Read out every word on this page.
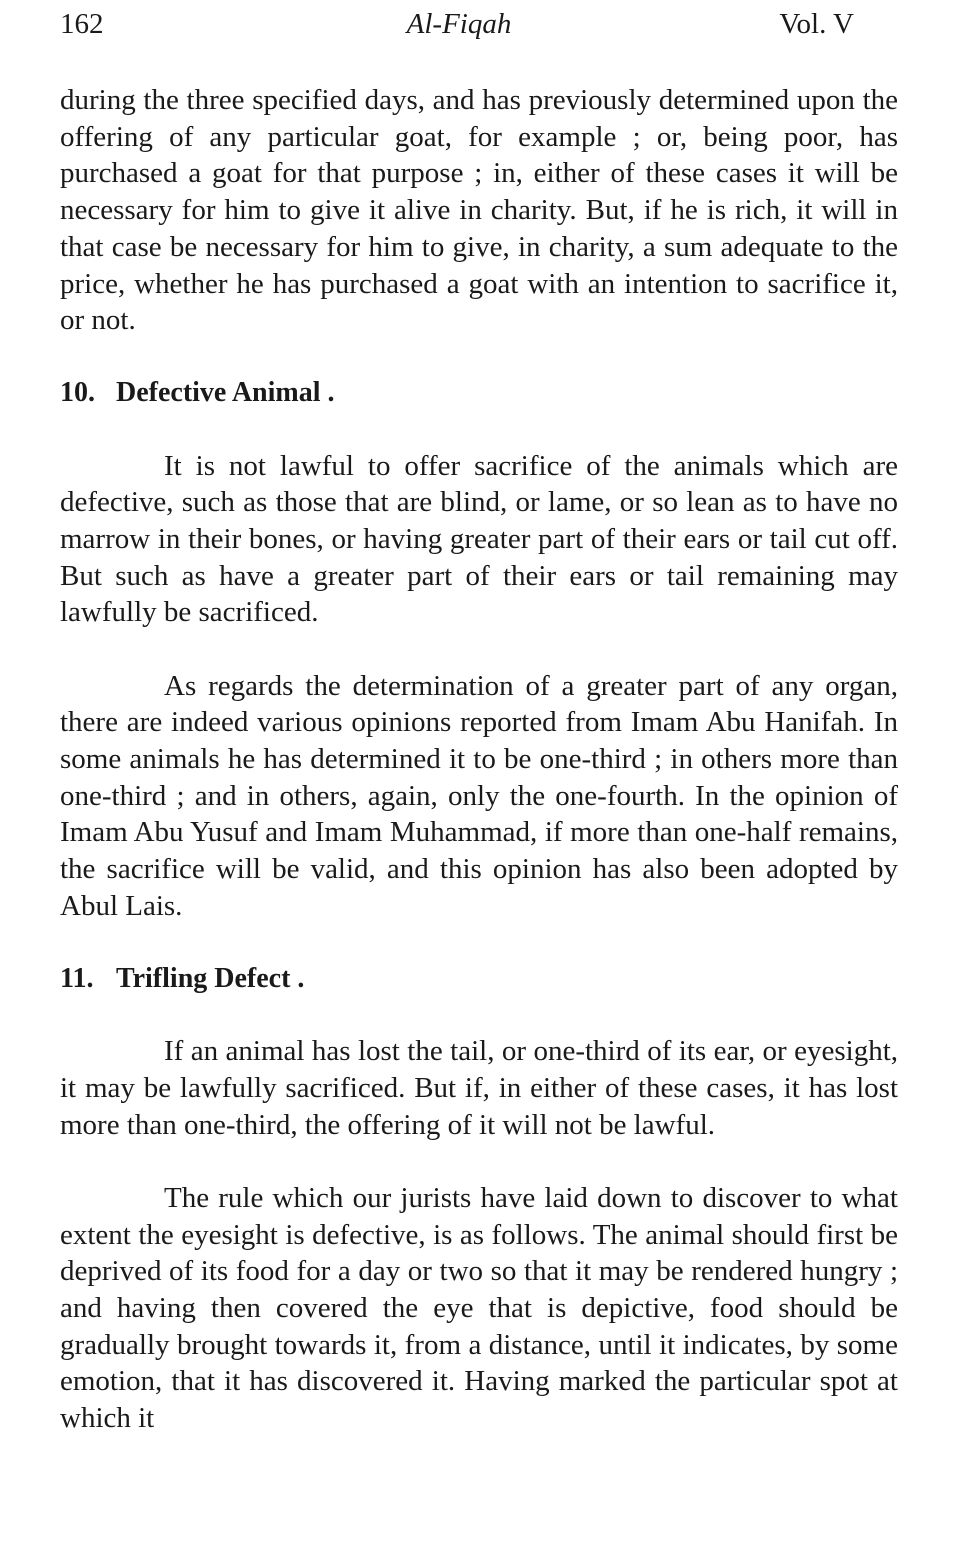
162	Al-Fiqah	Vol. V

during the three specified days, and has previously determined upon the offering of any particular goat, for example ; or, being poor, has purchased a goat for that purpose ; in, either of these cases it will be necessary for him to give it alive in charity. But, if he is rich, it will in that case be necessary for him to give, in charity, a sum adequate to the price, whether he has purchased a goat with an intention to sacrifice it, or not.

10. Defective Animal .

It is not lawful to offer sacrifice of the animals which are defective, such as those that are blind, or lame, or so lean as to have no marrow in their bones, or having greater part of their ears or tail cut off. But such as have a greater part of their ears or tail remaining may lawfully be sacrificed.

As regards the determination of a greater part of any organ, there are indeed various opinions reported from Imam Abu Hanifah. In some animals he has determined it to be one-third ; in others more than one-third ; and in others, again, only the one-fourth. In the opinion of Imam Abu Yusuf and Imam Muhammad, if more than one-half remains, the sacrifice will be valid, and this opinion has also been adopted by Abul Lais.

11. Trifling Defect .

If an animal has lost the tail, or one-third of its ear, or eyesight, it may be lawfully sacrificed. But if, in either of these cases, it has lost more than one-third, the offering of it will not be lawful.

The rule which our jurists have laid down to discover to what extent the eyesight is defective, is as follows. The animal should first be deprived of its food for a day or two so that it may be rendered hungry ; and having then covered the eye that is depictive, food should be gradually brought towards it, from a distance, until it indicates, by some emotion, that it has discovered it. Having marked the particular spot at which it
